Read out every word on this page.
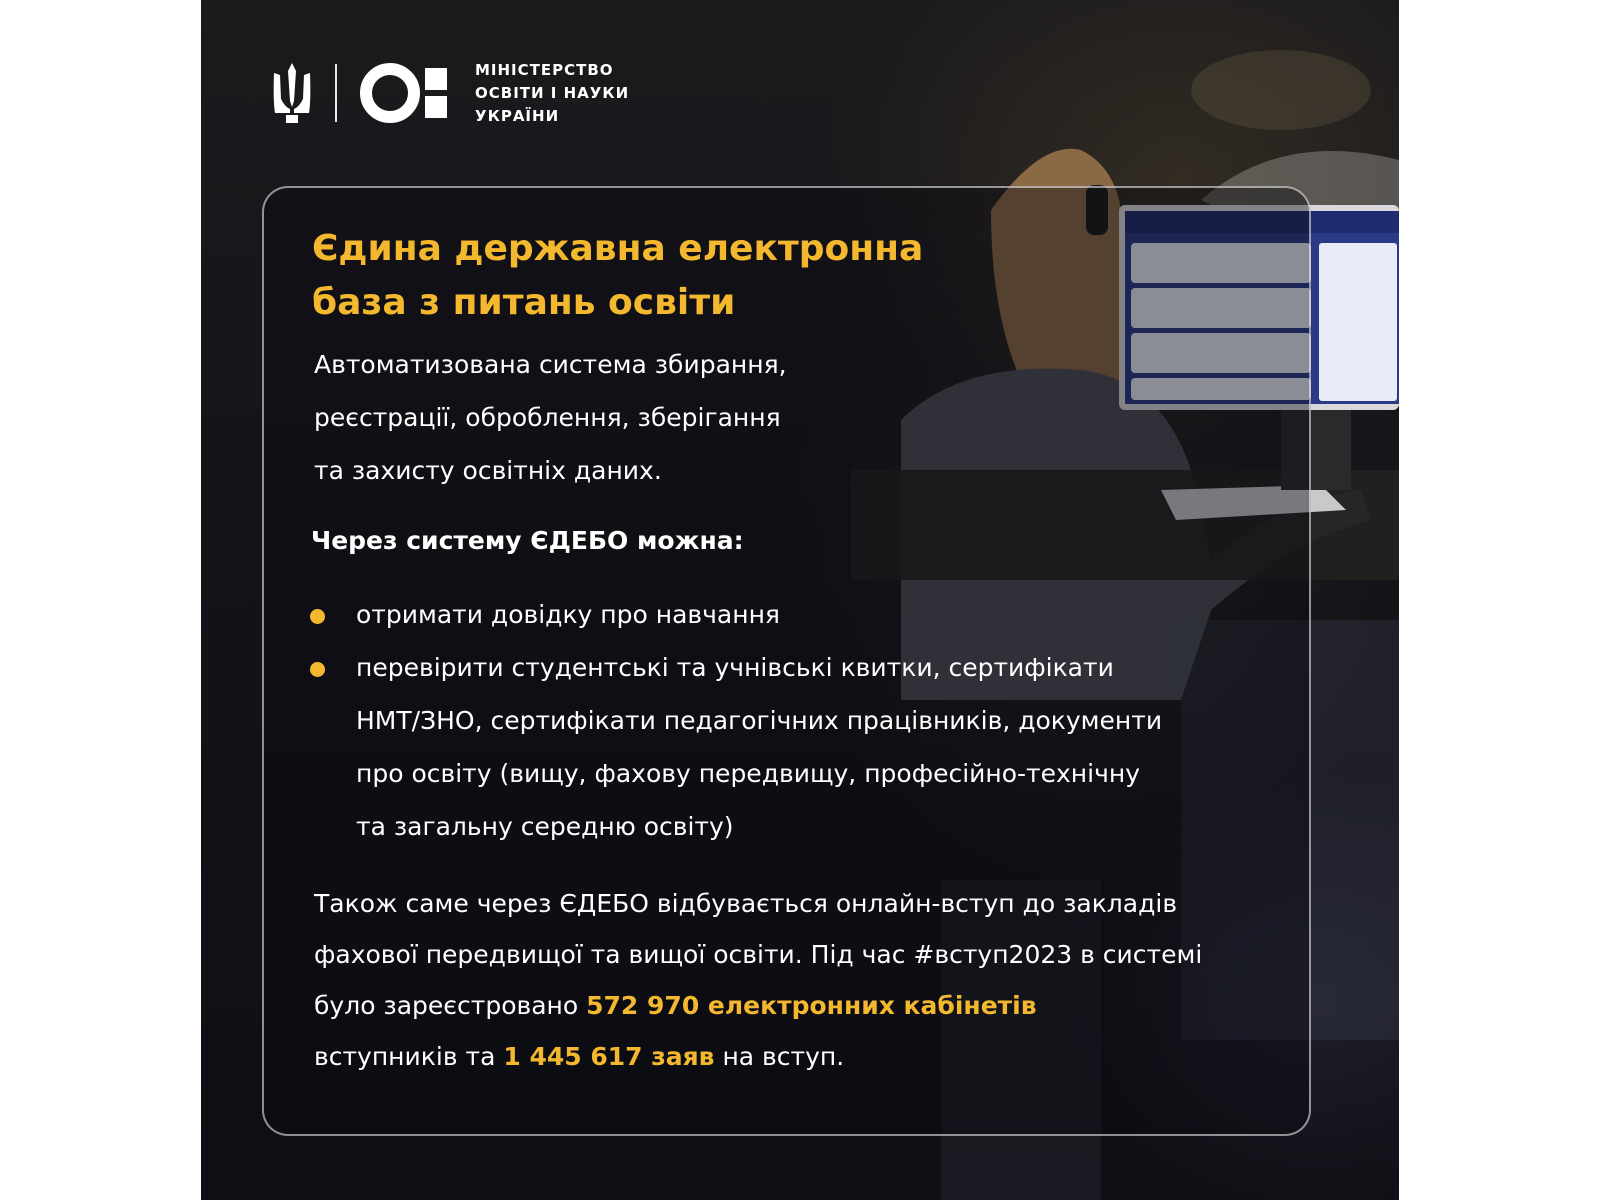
МІНІСТЕРСТВО
ОСВІТИ І НАУКИ
УКРАЇНИ
Єдина державна електронна
база з питань освіти

Автоматизована система збирання,
реєстрації, оброблення, зберігання
та захисту освітніх даних.

Через систему ЄДЕБО можна:

отримати довідку про навчання
перевірити студентські та учнівські квитки, сертифікати
НМТ/ЗНО, сертифікати педагогічних працівників, документи
про освіту (вищу, фахову передвищу, професійно-технічну
та загальну середню освіту)

Також саме через ЄДЕБО відбувається онлайн-вступ до закладів
фахової передвищої та вищої освіти. Під час #вступ2023 в системі
було зареєстровано 572 970 електронних кабінетів
вступників та 1 445 617 заяв на вступ.
